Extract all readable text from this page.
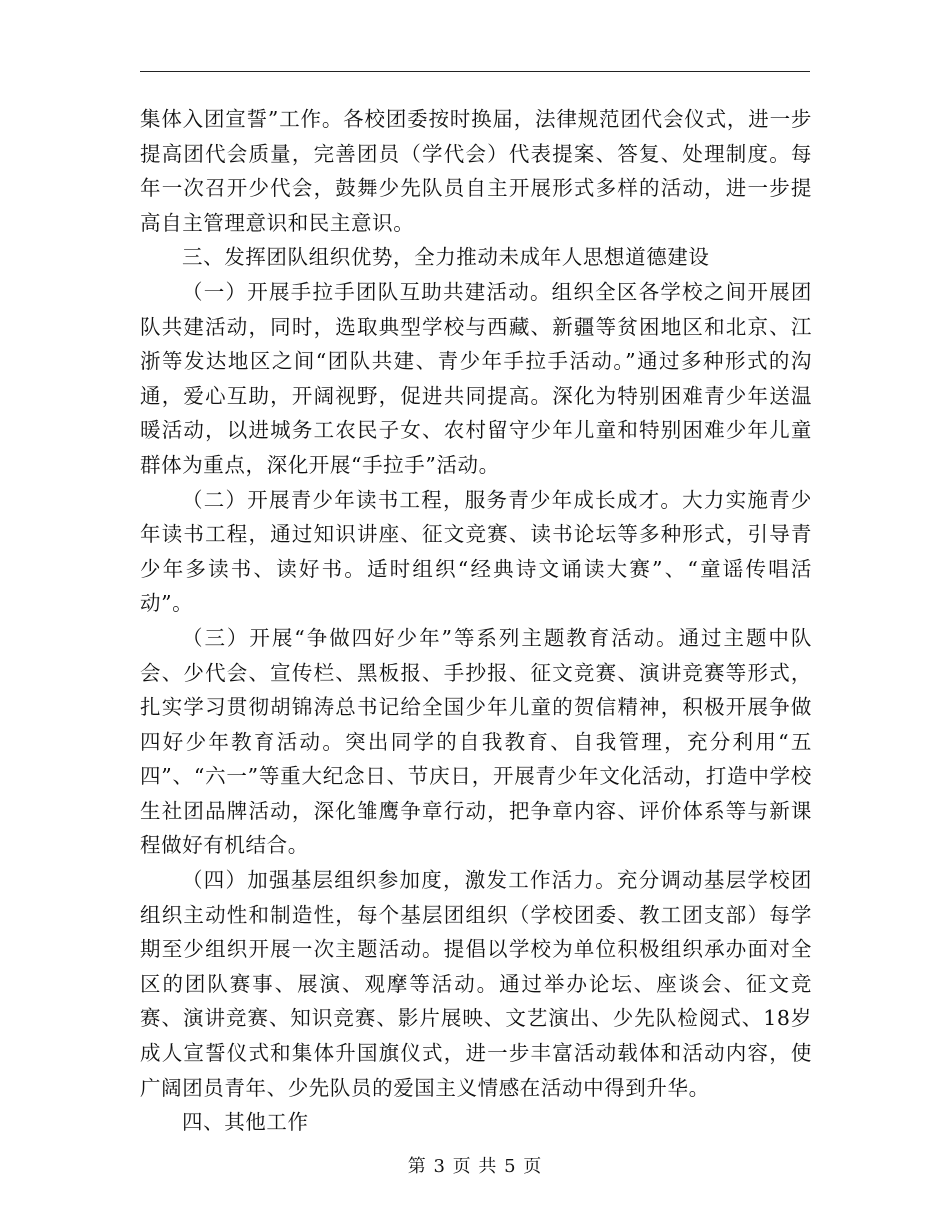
集体入团宣誓”工作。各校团委按时换届，法律规范团代会仪式，进一步提高团代会质量，完善团员（学代会）代表提案、答复、处理制度。每年一次召开少代会，鼓舞少先队员自主开展形式多样的活动，进一步提高自主管理意识和民主意识。

三、发挥团队组织优势，全力推动未成年人思想道德建设

（一）开展手拉手团队互助共建活动。组织全区各学校之间开展团队共建活动，同时，选取典型学校与西藏、新疆等贫困地区和北京、江浙等发达地区之间“团队共建、青少年手拉手活动。”通过多种形式的沟通，爱心互助，开阔视野，促进共同提高。深化为特别困难青少年送温暖活动，以进城务工农民子女、农村留守少年儿童和特别困难少年儿童群体为重点，深化开展“手拉手”活动。

（二）开展青少年读书工程，服务青少年成长成才。大力实施青少年读书工程，通过知识讲座、征文竞赛、读书论坛等多种形式，引导青少年多读书、读好书。适时组织“经典诗文诵读大赛”、“童谣传唱活动”。

（三）开展“争做四好少年”等系列主题教育活动。通过主题中队会、少代会、宣传栏、黑板报、手抄报、征文竞赛、演讲竞赛等形式，扎实学习贯彻胡锦涛总书记给全国少年儿童的贺信精神，积极开展争做四好少年教育活动。突出同学的自我教育、自我管理，充分利用“五四”、“六一”等重大纪念日、节庆日，开展青少年文化活动，打造中学校生社团品牌活动，深化雏鹰争章行动，把争章内容、评价体系等与新课程做好有机结合。

（四）加强基层组织参加度，激发工作活力。充分调动基层学校团组织主动性和制造性，每个基层团组织（学校团委、教工团支部）每学期至少组织开展一次主题活动。提倡以学校为单位积极组织承办面对全区的团队赛事、展演、观摩等活动。通过举办论坛、座谈会、征文竞赛、演讲竞赛、知识竞赛、影片展映、文艺演出、少先队检阅式、18岁成人宣誓仪式和集体升国旗仪式，进一步丰富活动载体和活动内容，使广阔团员青年、少先队员的爱国主义情感在活动中得到升华。

四、其他工作

第 3 页 共 5 页
